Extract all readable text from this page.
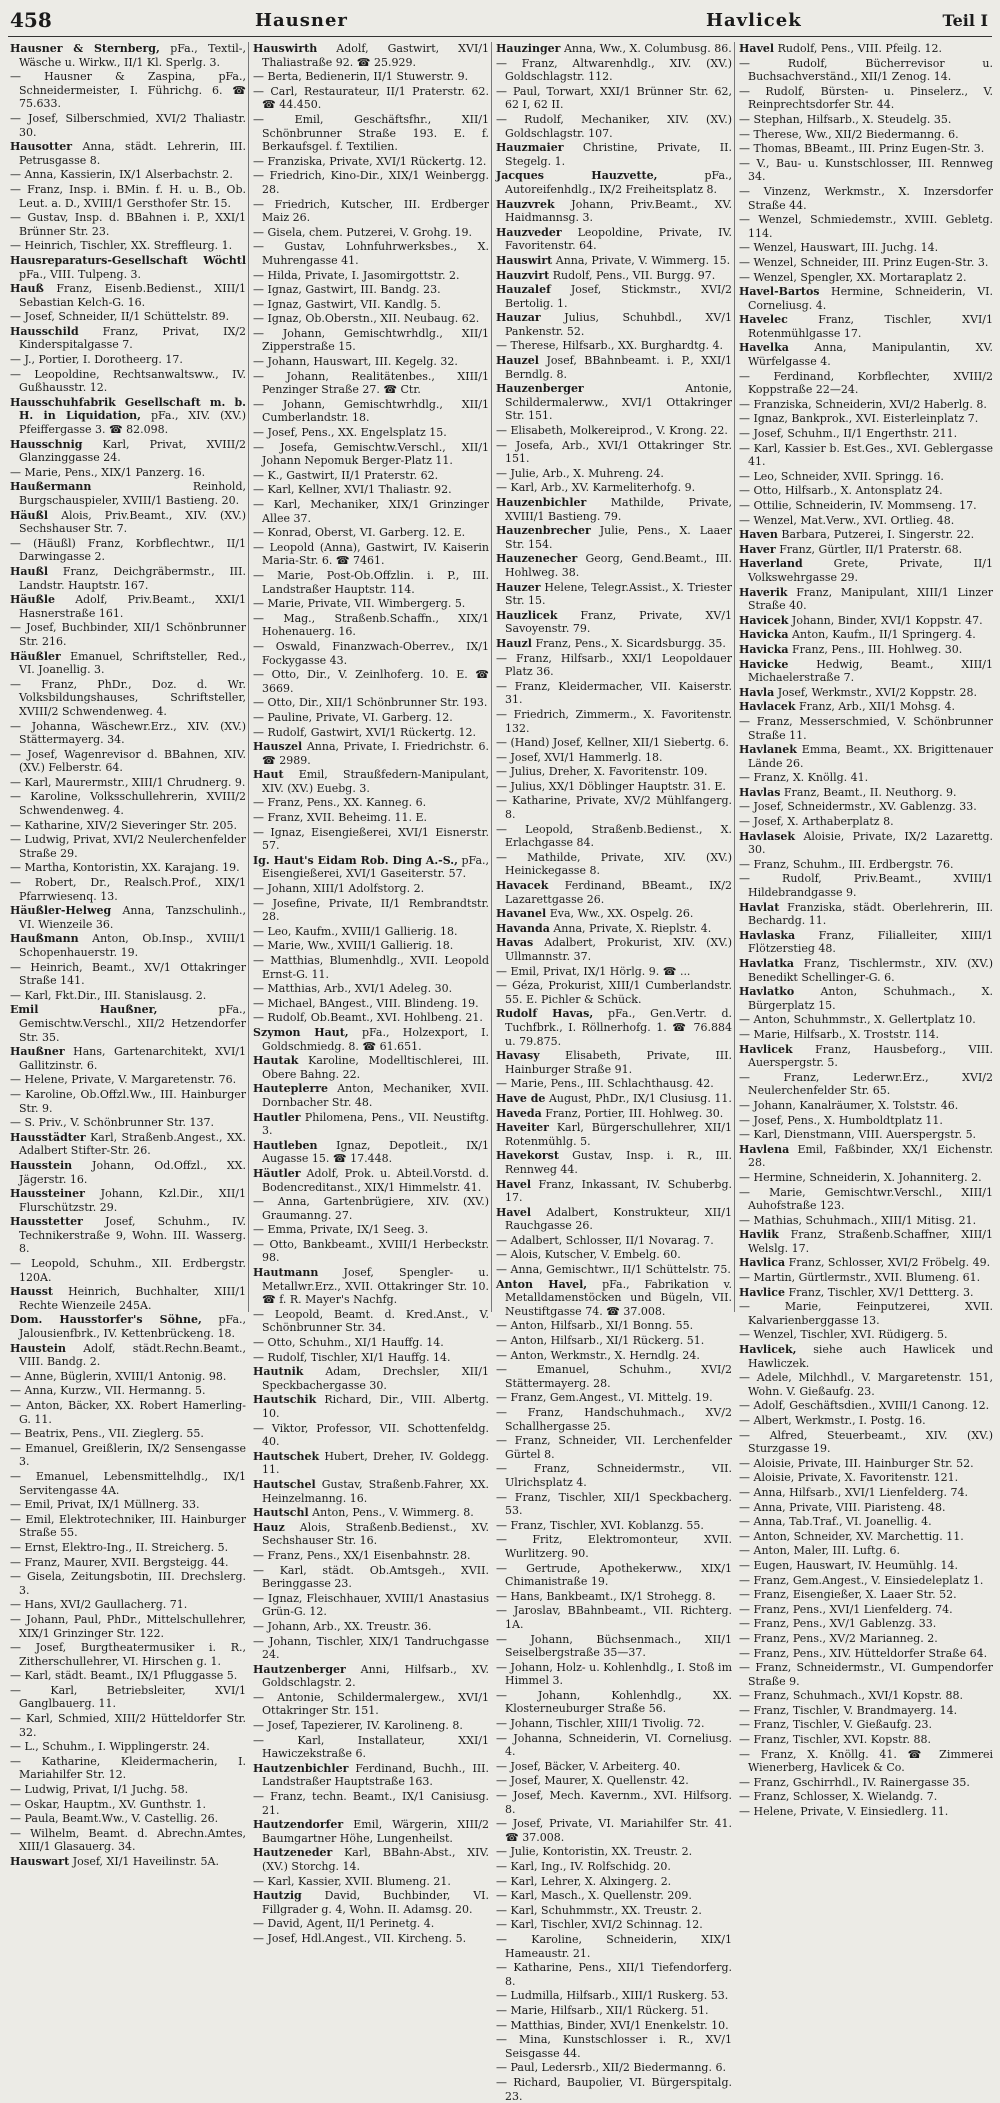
458	Hausner	Havlicek	Teil I
Hausner & Sternberg, pFa., Textil-, Wäsche u. Wirkw., II/1 Kl. Sperlg. 3.
— Hausner & Zaspina, pFa., Schneidermeister, I. Führichg. 6. ☎ 75.633.
— Josef, Silberschmied, XVI/2 Thaliastr. 30.
Hausotter Anna, städt. Lehrerin, III. Petrusgasse 8.
— Anna, Kassierin, IX/1 Alserbachstr. 2.
— Franz, Insp. i. BMin. f. H. u. B., Ob. Leut. a. D., XVIII/1 Gersthofer Str. 15.
— Gustav, Insp. d. BBahnen i. P., XXI/1 Brünner Str. 23.
— Heinrich, Tischler, XX. Streffleurg. 1.
Hausreparaturs-Gesellschaft Wöchtl pFa., VIII. Tulpeng. 3.
Hauß Franz, Eisenb.Bedienst., XIII/1 Sebastian Kelch-G. 16.
— Josef, Schneider, II/1 Schüttelstr. 89.
Hausschild Franz, Privat, IX/2 Kinderspitalgasse 7.
— J., Portier, I. Dorotheerg. 17.
— Leopoldine, Rechtsanwaltsww., IV. Gußhausstr. 12.
Hausschuhfabrik Gesellschaft m. b. H. in Liquidation, pFa., XIV. (XV.) Pfeiffergasse 3. ☎ 82.098.
Hausschnig Karl, Privat, XVIII/2 Glanzinggasse 24.
— Marie, Pens., XIX/1 Panzerg. 16.
Haußermann	Reinhold, Burgschauspieler, XVIII/1 Bastieng. 20.
Häußl Alois, Priv.Beamt., XIV. (XV.) Sechshauser Str. 7.
— (Häußl) Franz, Korbflechtwr., II/1 Darwingasse 2.
Haußl Franz, Deichgräbermstr., III. Landstr. Hauptstr. 167.
Häußle Adolf, Priv.Beamt., XXI/1 Hasnerstraße 161.
— Josef, Buchbinder, XII/1 Schönbrunner Str. 216.
Häußler Emanuel, Schriftsteller, Red., VI. Joanellig. 3.
— Franz, PhDr., Doz. d. Wr. Volksbildungshauses, Schriftsteller, XVIII/2 Schwendenweg. 4.
— Johanna, Wäschewr.Erz., XIV. (XV.) Stättermayerg. 34.
— Josef, Wagenrevisor d. BBahnen, XIV. (XV.) Felberstr. 64.
— Karl, Maurermstr., XIII/1 Chrudnerg. 9.
— Karoline, Volksschullehrerin, XVIII/2 Schwendenweg. 4.
— Katharine, XIV/2 Sieveringer Str. 205.
— Ludwig, Privat, XVI/2 Neulerchenfelder Straße 29.
— Martha, Kontoristin, XX. Karajang. 19.
— Robert, Dr., Realsch.Prof., XIX/1 Pfarrwiesenq. 13.
Häußler-Helweg Anna, Tanzschulinh., VI. Wienzeile 36.
Haußmann Anton, Ob.Insp., XVIII/1 Schopenhauerstr. 19.
— Heinrich, Beamt., XV/1 Ottakringer Straße 141.
— Karl, Fkt.Dir., III. Stanislausg. 2.
Emil Haußner,	pFa., Gemischtw.Verschl., XII/2 Hetzendorfer Str. 35.
Haußner Hans, Gartenarchitekt, XVI/1 Gallitzinstr. 6.
— Helene, Private, V. Margaretenstr. 76.
— Karoline, Ob.Offzl.Ww., III. Hainburger Str. 9.
— S. Priv., V. Schönbrunner Str. 137.
Hausstädter Karl, Straßenb.Angest., XX. Adalbert Stifter-Str. 26.
Hausstein Johann, Od.Offzl., XX. Jägerstr. 16.
Haussteiner Johann, Kzl.Dir., XII/1 Flurschützstr. 29.
Hausstetter Josef, Schuhm., IV. Technikerstraße 9, Wohn. III. Wasserg. 8.
— Leopold, Schuhm., XII. Erdbergstr. 120A.
Hausst Heinrich, Buchhalter, XIII/1 Rechte Wienzeile 245A.
Dom. Hausstorfer's Söhne, pFa., Jalousienfbrk., IV. Kettenbrückeng. 18.
Haustein Adolf, städt.Rechn.Beamt., VIII. Bandg. 2.
— Anne, Büglerin, XVIII/1 Antonig. 98.
— Anna, Kurzw., VII. Hermanng. 5.
— Anton, Bäcker, XX. Robert Hamerling-G. 11.
— Beatrix, Pens., VII. Zieglerg. 55.
— Emanuel, Greißlerin, IX/2 Sensengasse 3.
— Emanuel, Lebensmittelhdlg., IX/1 Servitengasse 4A.
— Emil, Privat, IX/1 Müllnerg. 33.
— Emil, Elektrotechniker, III. Hainburger Straße 55.
— Ernst, Elektro-Ing., II. Streicherg. 5.
— Franz, Maurer, XVII. Bergsteigg. 44.
— Gisela, Zeitungsbotin, III. Drechslerg. 3.
— Hans, XVI/2 Gaullacherg. 71.
— Johann, Paul, PhDr., Mittelschullehrer, XIX/1 Grinzinger Str. 122.
— Josef, Burgtheatermusiker i. R., Zitherschullehrer, VI. Hirschen g. 1.
— Karl, städt. Beamt., IX/1 Pfluggasse 5.
— Karl, Betriebsleiter, XVI/1 Ganglbauerg. 11.
— Karl, Schmied, XIII/2 Hütteldorfer Str. 32.
— L., Schuhm., I. Wipplingerstr. 24.
— Katharine, Kleidermacherin, I. Mariahilfer Str. 12.
— Ludwig, Privat, I/1 Juchg. 58.
— Oskar, Hauptm., XV. Gunthstr. 1.
— Paula, Beamt.Ww., V. Castellig. 26.
— Wilhelm, Beamt. d. Abrechn.Amtes, XIII/1 Glasauerg. 34.
Hauswart Josef, XI/1 Haveilinstr. 5A.
Hauswirth Adolf, Gastwirt, XVI/1 Thaliastraße 92. ☎ 25.929.
— Berta, Bedienerin, II/1 Stuwerstr. 9.
— Carl, Restaurateur, II/1 Praterstr. 62. ☎ 44.450.
— Emil, Geschäftsfhr., XII/1 Schönbrunner Straße 193. E. f. Berkaufsgel. f. Textilien.
— Franziska, Private, XVI/1 Rückertg. 12.
— Friedrich, Kino-Dir., XIX/1 Weinbergg. 28.
— Friedrich, Kutscher, III. Erdberger Maiz 26.
— Gisela, chem. Putzerei, V. Grohg. 19.
— Gustav, Lohnfuhrwerksbes., X. Muhrengasse 41.
— Hilda, Private, I. Jasomirgottstr. 2.
— Ignaz, Gastwirt, III. Bandg. 23.
— Ignaz, Gastwirt, VII. Kandlg. 5.
— Ignaz, Ob.Oberstn., XII. Neubaug. 62.
— Johann, Gemischtwrhdlg., XII/1 Zipperstraße 15.
— Johann, Hauswart, III. Kegelg. 32.
— Johann, Realitätenbes., XIII/1 Penzinger Straße 27. ☎ Ctr.
— Johann, Gemischtwrhdlg., XII/1 Cumberlandstr. 18.
— Josef, Pens., XX. Engelsplatz 15.
— Josefa, Gemischtw.Verschl., XII/1 Johann Nepomuk Berger-Platz 11.
— K., Gastwirt, II/1 Praterstr. 62.
— Karl, Kellner, XVI/1 Thaliastr. 92.
— Karl, Mechaniker, XIX/1 Grinzinger Allee 37.
— Konrad, Oberst, VI. Garberg. 12. E.
— Leopold (Anna), Gastwirt, IV. Kaiserin Maria-Str. 6. ☎ 7461.
— Marie, Post-Ob.Offzlin. i. P., III. Landstraßer Hauptstr. 114.
— Marie, Private, VII. Wimbergerg. 5.
— Mag., Straßenb.Schaffn., XIX/1 Hohenauerg. 16.
— Oswald, Finanzwach-Oberrev., IX/1 Fockygasse 43.
— Otto, Dir., V. Zeinlhoferg. 10. E. ☎ 3669.
— Otto, Dir., XII/1 Schönbrunner Str. 193.
— Pauline, Private, VI. Garberg. 12.
— Rudolf, Gastwirt, XVI/1 Rückertg. 12.
Hauszel Anna, Private, I. Friedrichstr. 6. ☎ 2989.
Haut Emil, Straußfedern-Manipulant, XIV. (XV.) Euebg. 3.
— Franz, Pens., XX. Kanneg. 6.
— Franz, XVII. Beheimg. 11. E.
— Ignaz, Eisengießerei, XVI/1 Eisnerstr. 57.
Ig. Haut's Eidam Rob. Ding A.-S., pFa., Eisengießerei, XVI/1 Gaseiterstr. 57.
— Johann, XIII/1 Adolfstorg. 2.
— Josefine, Private, II/1 Rembrandtstr. 28.
— Leo, Kaufm., XVIII/1 Gallierig. 18.
— Marie, Ww., XVIII/1 Gallierig. 18.
— Matthias, Blumenhdlg., XVII. Leopold Ernst-G. 11.
— Matthias, Arb., XVI/1 Adeleg. 30.
— Michael, BAngest., VIII. Blindeng. 19.
— Rudolf, Ob.Beamt., XVI. Hohlbeng. 21.
Szymon Haut, pFa., Holzexport, I. Goldschmiedg. 8. ☎ 61.651.
Hautak Karoline, Modelltischlerei, III. Obere Bahng. 22.
Hauteplerre Anton, Mechaniker, XVII. Dornbacher Str. 48.
Hautler Philomena, Pens., VII. Neustiftg. 3.
Hautleben Ignaz, Depotleit., IX/1 Augasse 15. ☎ 17.448.
Häutler Adolf, Prok. u. Abteil.Vorstd. d. Bodencreditanst., XIX/1 Himmelstr. 41.
— Anna, Gartenbrügiere, XIV. (XV.) Graumanng. 27.
— Emma, Private, IX/1 Seeg. 3.
— Otto, Bankbeamt., XVIII/1 Herbeckstr. 98.
Hautmann Josef, Spengler- u. Metallwr.Erz., XVII. Ottakringer Str. 10. ☎ f. R. Mayer's Nachfg.
— Leopold, Beamt. d. Kred.Anst., V. Schönbrunner Str. 34.
— Otto, Schuhm., XI/1 Hauffg. 14.
— Rudolf, Tischler, XI/1 Hauffg. 14.
Hautnik Adam, Drechsler, XII/1 Speckbachergasse 30.
Hautschik Richard, Dir., VIII. Albertg. 10.
— Viktor, Professor, VII. Schottenfeldg. 40.
Hautschek Hubert, Dreher, IV. Goldegg. 11.
Hautschel Gustav, Straßenb.Fahrer, XX. Heinzelmanng. 16.
Hautschl Anton, Pens., V. Wimmerg. 8.
Hauz Alois, Straßenb.Bedienst., XV. Sechshauser Str. 16.
— Franz, Pens., XX/1 Eisenbahnstr. 28.
— Karl, städt. Ob.Amtsgeh., XVII. Beringgasse 23.
— Ignaz, Fleischhauer, XVIII/1 Anastasius Grün-G. 12.
— Johann, Arb., XX. Treustr. 36.
— Johann, Tischler, XIX/1 Tandruchgasse 24.
Hautzenberger Anni, Hilfsarb., XV. Goldschlagstr. 2.
— Antonie, Schildermalergew., XVI/1 Ottakringer Str. 151.
— Josef, Tapezierer, IV. Karolineng. 8.
— Karl, Installateur, XXI/1 Hawiczekstraße 6.
Hautzenbichler Ferdinand, Buchh., III. Landstraßer Hauptstraße 163.
— Franz, techn. Beamt., IX/1 Canisiusg. 21.
Hautzendorfer Emil, Wärgerin, XIII/2 Baumgartner Höhe, Lungenheilst.
Hautzeneder Karl, BBahn-Abst., XIV. (XV.) Storchg. 14.
— Karl, Kassier, XVII. Blumeng. 21.
Hautzig David, Buchbinder, VI. Fillgrader g. 4, Wohn. II. Adamsg. 20.
— David, Agent, II/1 Perinetg. 4.
— Josef, Hdl.Angest., VII. Kircheng. 5.
Hauzinger Anna, Ww., X. Columbusg. 86.
— Franz, Altwarenhdlg., XIV. (XV.) Goldschlagstr. 112.
— Paul, Torwart, XXI/1 Brünner Str. 62, 62 I, 62 II.
— Rudolf, Mechaniker, XIV. (XV.) Goldschlagstr. 107.
Hauzmaier Christine, Private, II. Stegelg. 1.
Jacques Hauzvette,	pFa., Autoreifenhdlg., IX/2 Freiheitsplatz 8.
Hauzvrek Johann, Priv.Beamt., XV. Haidmannsg. 3.
Hauzveder Leopoldine, Private, IV. Favoritenstr. 64.
Hauswirt Anna, Private, V. Wimmerg. 15.
Hauzvirt Rudolf, Pens., VII. Burgg. 97.
Hauzalef Josef, Stickmstr., XVI/2 Bertolig. 1.
Hauzar Julius, Schuhbdl., XV/1 Pankenstr. 52.
— Therese, Hilfsarb., XX. Burghardtg. 4.
Hauzel Josef, BBahnbeamt. i. P., XXI/1 Berndlg. 8.
Hauzenberger	Antonie, Schildermalerww., XVI/1 Ottakringer Str. 151.
— Elisabeth, Molkereiprod., V. Krong. 22.
— Josefa, Arb., XVI/1 Ottakringer Str. 151.
— Julie, Arb., X. Muhreng. 24.
— Karl, Arb., XV. Karmeliterhofg. 9.
Hauzenbichler Mathilde, Private, XVIII/1 Bastieng. 79.
Hauzenbrecher Julie, Pens., X. Laaer Str. 154.
Hauzenecher Georg, Gend.Beamt., III. Hohlweg. 38.
Hauzer Helene, Telegr.Assist., X. Triester Str. 15.
Hauzlicek Franz, Private, XV/1 Savoyenstr. 79.
Hauzl Franz, Pens., X. Sicardsburgg. 35.
— Franz, Hilfsarb., XXI/1 Leopoldauer Platz 36.
— Franz, Kleidermacher, VII. Kaiserstr. 31.
— Friedrich, Zimmerm., X. Favoritenstr. 132.
— (Hand) Josef, Kellner, XII/1 Siebertg. 6.
— Josef, XVI/1 Hammerlg. 18.
— Julius, Dreher, X. Favoritenstr. 109.
— Julius, XX/1 Döblinger Hauptstr. 31. E.
— Katharine, Private, XV/2 Mühlfangerg. 8.
— Leopold, Straßenb.Bedienst., X. Erlachgasse 84.
— Mathilde, Private, XIV. (XV.) Heinickegasse 8.
Havacek Ferdinand, BBeamt., IX/2 Lazarettgasse 26.
Havanel Eva, Ww., XX. Ospelg. 26.
Havanda Anna, Private, X. Rieplstr. 4.
Havas Adalbert, Prokurist, XIV. (XV.) Ullmannstr. 37.
— Emil, Privat, IX/1 Hörlg. 9. ☎ ...
— Géza, Prokurist, XIII/1 Cumberlandstr. 55. E. Pichler & Schück.
Rudolf Havas, pFa., Gen.Vertr. d. Tuchfbrk., I. Röllnerhofg. 1. ☎ 76.884 u. 79.875.
Havasy Elisabeth, Private, III. Hainburger Straße 91.
— Marie, Pens., III. Schlachthausg. 42.
Have de August, PhDr., IX/1 Clusiusg. 11.
Haveda Franz, Portier, III. Hohlweg. 30.
Haveiter Karl, Bürgerschullehrer, XII/1 Rotenmühlg. 5.
Havekorst Gustav, Insp. i. R., III. Rennweg 44.
Havel Franz, Inkassant, IV. Schuberbg. 17.
Havel Adalbert, Konstrukteur, XII/1 Rauchgasse 26.
— Adalbert, Schlosser, II/1 Novarag. 7.
— Alois, Kutscher, V. Embelg. 60.
— Anna, Gemischtwr., II/1 Schüttelstr. 75.
Anton Havel, pFa., Fabrikation v. Metalldamenstöcken und Bügeln, VII. Neustiftgasse 74. ☎ 37.008.
— Anton, Hilfsarb., XI/1 Bonng. 55.
— Anton, Hilfsarb., XI/1 Rückerg. 51.
— Anton, Werkmstr., X. Herndlg. 24.
— Emanuel, Schuhm., XVI/2 Stättermayerg. 28.
— Franz, Gem.Angest., VI. Mittelg. 19.
— Franz, Handschuhmach., XV/2 Schallhergasse 25.
— Franz, Schneider, VII. Lerchenfelder Gürtel 8.
— Franz, Schneidermstr., VII. Ulrichsplatz 4.
— Franz, Tischler, XII/1 Speckbacherg. 53.
— Franz, Tischler, XVI. Koblanzg. 55.
— Fritz, Elektromonteur, XVII. Wurlitzerg. 90.
— Gertrude, Apothekerww., XIX/1 Chimanistraße 19.
— Hans, Bankbeamt., IX/1 Strohegg. 8.
— Jaroslav, BBahnbeamt., VII. Richterg. 1A.
— Johann, Büchsenmach., XII/1 Seiselbergstraße 35—37.
— Johann, Holz- u. Kohlenhdlg., I. Stoß im Himmel 3.
— Johann, Kohlenhdlg., XX. Klosterneuburger Straße 56.
— Johann, Tischler, XIII/1 Tivolig. 72.
— Johanna, Schneiderin, VI. Corneliusg. 4.
— Josef, Bäcker, V. Arbeiterg. 40.
— Josef, Maurer, X. Quellenstr. 42.
— Josef, Mech. Kavernm., XVI. Hilfsorg. 8.
— Josef, Private, VI. Mariahilfer Str. 41. ☎ 37.008.
— Julie, Kontoristin, XX. Treustr. 2.
— Karl, Ing., IV. Rolfschidg. 20.
— Karl, Lehrer, X. Alxingerg. 2.
— Karl, Masch., X. Quellenstr. 209.
— Karl, Schuhmmstr., XX. Treustr. 2.
— Karl, Tischler, XVI/2 Schinnag. 12.
— Karoline, Schneiderin, XIX/1 Hameaustr. 21.
— Katharine, Pens., XII/1 Tiefendorferg. 8.
— Ludmilla, Hilfsarb., XIII/1 Ruskerg. 53.
— Marie, Hilfsarb., XII/1 Rückerg. 51.
— Matthias, Binder, XVI/1 Enenkelstr. 10.
— Mina, Kunstschlosser i. R., XV/1 Seisgasse 44.
— Paul, Ledersrb., XII/2 Biedermanng. 6.
— Richard, Baupolier, VI. Bürgerspitalg. 23.
Havel Rudolf, Pens., VIII. Pfeilg. 12.
— Rudolf, Bücherrevisor u. Buchsachverständ., XII/1 Zenog. 14.
— Rudolf, Bürsten- u. Pinselerz., V. Reinprechtsdorfer Str. 44.
— Stephan, Hilfsarb., X. Steudelg. 35.
— Therese, Ww., XII/2 Biedermanng. 6.
— Thomas, BBeamt., III. Prinz Eugen-Str. 3.
— V., Bau- u. Kunstschlosser, III. Rennweg 34.
— Vinzenz, Werkmstr., X. Inzersdorfer Straße 44.
— Wenzel, Schmiedemstr., XVIII. Gebletg. 114.
— Wenzel, Hauswart, III. Juchg. 14.
— Wenzel, Schneider, III. Prinz Eugen-Str. 3.
— Wenzel, Spengler, XX. Mortaraplatz 2.
Havel-Bartos Hermine, Schneiderin, VI. Corneliusg. 4.
Havelec	Franz, Tischler, XVI/1 Rotenmühlgasse 17.
Havelka Anna, Manipulantin, XV. Würfelgasse 4.
— Ferdinand, Korbflechter, XVIII/2 Koppstraße 22—24.
— Franziska, Schneiderin, XVI/2 Haberlg. 8.
— Ignaz, Bankprok., XVI. Eisterleinplatz 7.
— Josef, Schuhm., II/1 Engerthstr. 211.
— Karl, Kassier b. Est.Ges., XVI. Geblergasse 41.
— Leo, Schneider, XVII. Springg. 16.
— Otto, Hilfsarb., X. Antonsplatz 24.
— Ottilie, Schneiderin, IV. Mommseng. 17.
— Wenzel, Mat.Verw., XVI. Ortlieg. 48.
Haven Barbara, Putzerei, I. Singerstr. 22.
Haver Franz, Gürtler, II/1 Praterstr. 68.
Haverland	Grete, Private, II/1 Volkswehrgasse 29.
Haverik Franz, Manipulant, XIII/1 Linzer Straße 40.
Havicek Johann, Binder, XVI/1 Koppstr. 47.
Havicka Anton, Kaufm., II/1 Springerg. 4.
Havicka Franz, Pens., III. Hohlweg. 30.
Havicke	Hedwig, Beamt., XIII/1 Michaelerstraße 7.
Havla Josef, Werkmstr., XVI/2 Koppstr. 28.
Havlacek Franz, Arb., XII/1 Mohsg. 4.
— Franz, Messerschmied, V. Schönbrunner Straße 11.
Havlanek Emma, Beamt., XX. Brigittenauer Lände 26.
— Franz, X. Knöllg. 41.
Havlas Franz, Beamt., II. Neuthorg. 9.
— Josef, Schneidermstr., XV. Gablenzg. 33.
— Josef, X. Arthaberplatz 8.
Havlasek Aloisie, Private, IX/2 Lazarettg. 30.
— Franz, Schuhm., III. Erdbergstr. 76.
— Rudolf, Priv.Beamt., XVIII/1 Hildebrandgasse 9.
Havlat Franziska, städt. Oberlehrerin, III. Bechardg. 11.
Havlaska Franz, Filialleiter, XIII/1 Flötzerstieg 48.
Havlatka Franz, Tischlermstr., XIV. (XV.) Benedikt Schellinger-G. 6.
Havlatko Anton, Schuhmach., X. Bürgerplatz 15.
— Anton, Schuhmmstr., X. Gellertplatz 10.
— Marie, Hilfsarb., X. Troststr. 114.
Havlicek Franz, Hausbeforg., VIII. Auerspergstr. 5.
— Franz, Lederwr.Erz., XVI/2 Neulerchenfelder Str. 65.
— Johann, Kanalräumer, X. Tolststr. 46.
— Josef, Pens., X. Humboldtplatz 11.
— Karl, Dienstmann, VIII. Auerspergstr. 5.
Havlena Emil, Faßbinder, XX/1 Eichenstr. 28.
— Hermine, Schneiderin, X. Johanniterg. 2.
— Marie, Gemischtwr.Verschl., XIII/1 Auhofstraße 123.
— Mathias, Schuhmach., XIII/1 Mitisg. 21.
Havlik Franz, Straßenb.Schaffner, XIII/1 Welslg. 17.
Havlica Franz, Schlosser, XVI/2 Fröbelg. 49.
— Martin, Gürtlermstr., XVII. Blumeng. 61.
Havlice Franz, Tischler, XV/1 Dettterg. 3.
— Marie, Feinputzerei, XVII. Kalvarienberggasse 13.
— Wenzel, Tischler, XVI. Rüdigerg. 5.
Havlicek, siehe auch Hawlicek und Hawliczek.
— Adele, Milchhdl., V. Margaretenstr. 151, Wohn. V. Gießaufg. 23.
— Adolf, Geschäftsdien., XVIII/1 Canong. 12.
— Albert, Werkmstr., I. Postg. 16.
— Alfred, Steuerbeamt., XIV. (XV.) Sturzgasse 19.
— Aloisie, Private, III. Hainburger Str. 52.
— Aloisie, Private, X. Favoritenstr. 121.
— Anna, Hilfsarb., XVI/1 Lienfelderg. 74.
— Anna, Private, VIII. Piaristeng. 48.
— Anna, Tab.Traf., VI. Joanellig. 4.
— Anton, Schneider, XV. Marchettig. 11.
— Anton, Maler, III. Luftg. 6.
— Eugen, Hauswart, IV. Heumühlg. 14.
— Franz, Gem.Angest., V. Einsiedeleplatz 1.
— Franz, Eisengießer, X. Laaer Str. 52.
— Franz, Pens., XVI/1 Lienfelderg. 74.
— Franz, Pens., XV/1 Gablenzg. 33.
— Franz, Pens., XV/2 Marianneg. 2.
— Franz, Pens., XIV. Hütteldorfer Straße 64.
— Franz, Schneidermstr., VI. Gumpendorfer Straße 9.
— Franz, Schuhmach., XVI/1 Kopstr. 88.
— Franz, Tischler, V. Brandmayerg. 14.
— Franz, Tischler, V. Gießaufg. 23.
— Franz, Tischler, XVI. Kopstr. 88.
— Franz, X. Knöllg. 41. ☎ Zimmerei Wienerberg, Havlicek & Co.
— Franz, Gschirrhdl., IV. Rainergasse 35.
— Franz, Schlosser, X. Wielandg. 7.
— Helene, Private, V. Einsiedlerg. 11.
